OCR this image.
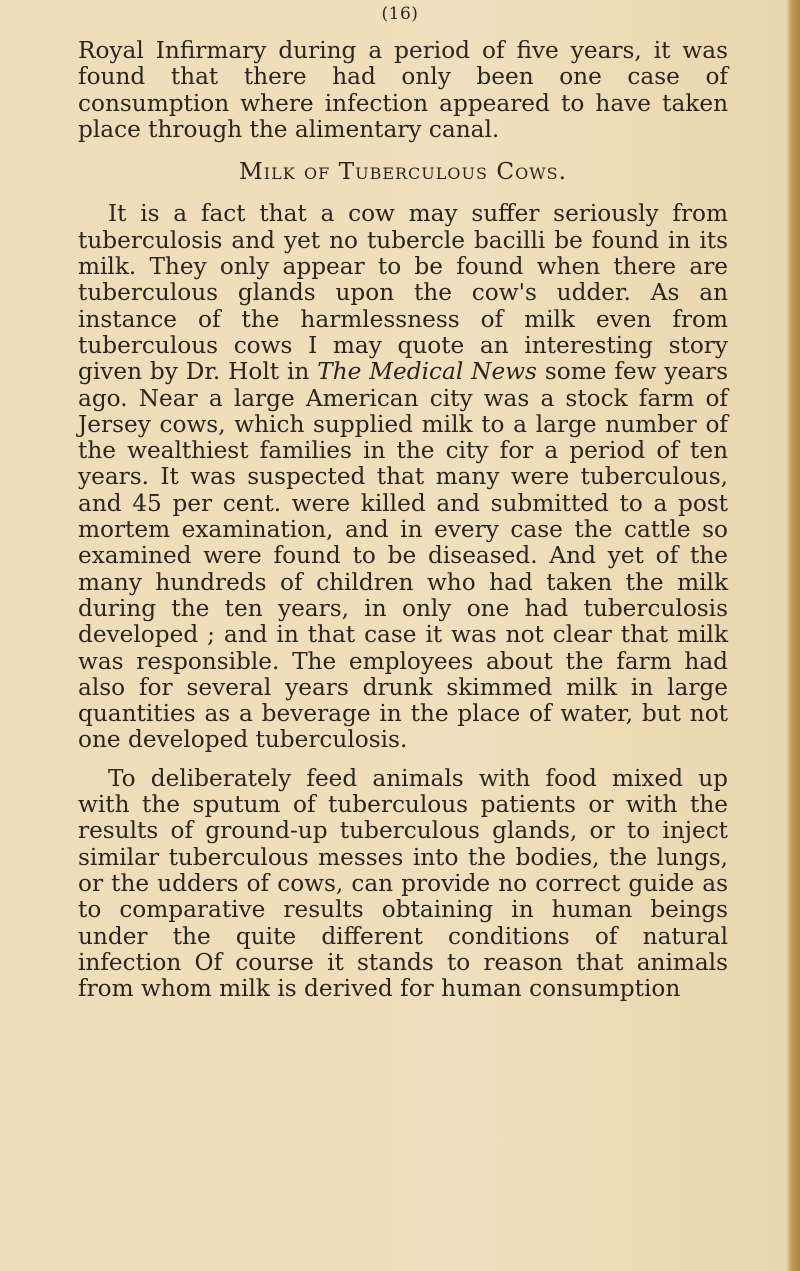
(16)

Royal Infirmary during a period of five years, it was found that there had only been one case of consumption where infection appeared to have taken place through the alimentary canal.

Milk of Tuberculous Cows.

It is a fact that a cow may suffer seriously from tuberculosis and yet no tubercle bacilli be found in its milk. They only appear to be found when there are tuberculous glands upon the cow's udder. As an instance of the harmlessness of milk even from tuberculous cows I may quote an interesting story given by Dr. Holt in The Medical News some few years ago. Near a large American city was a stock farm of Jersey cows, which supplied milk to a large number of the wealthiest families in the city for a period of ten years. It was suspected that many were tuberculous, and 45 per cent. were killed and submitted to a post mortem examination, and in every case the cattle so examined were found to be diseased. And yet of the many hundreds of children who had taken the milk during the ten years, in only one had tuberculosis developed ; and in that case it was not clear that milk was responsible. The employees about the farm had also for several years drunk skimmed milk in large quantities as a beverage in the place of water, but not one developed tuberculosis.

To deliberately feed animals with food mixed up with the sputum of tuberculous patients or with the results of ground-up tuberculous glands, or to inject similar tuberculous messes into the bodies, the lungs, or the udders of cows, can provide no correct guide as to comparative results obtaining in human beings under the quite different conditions of natural infection Of course it stands to reason that animals from whom milk is derived for human consumption
